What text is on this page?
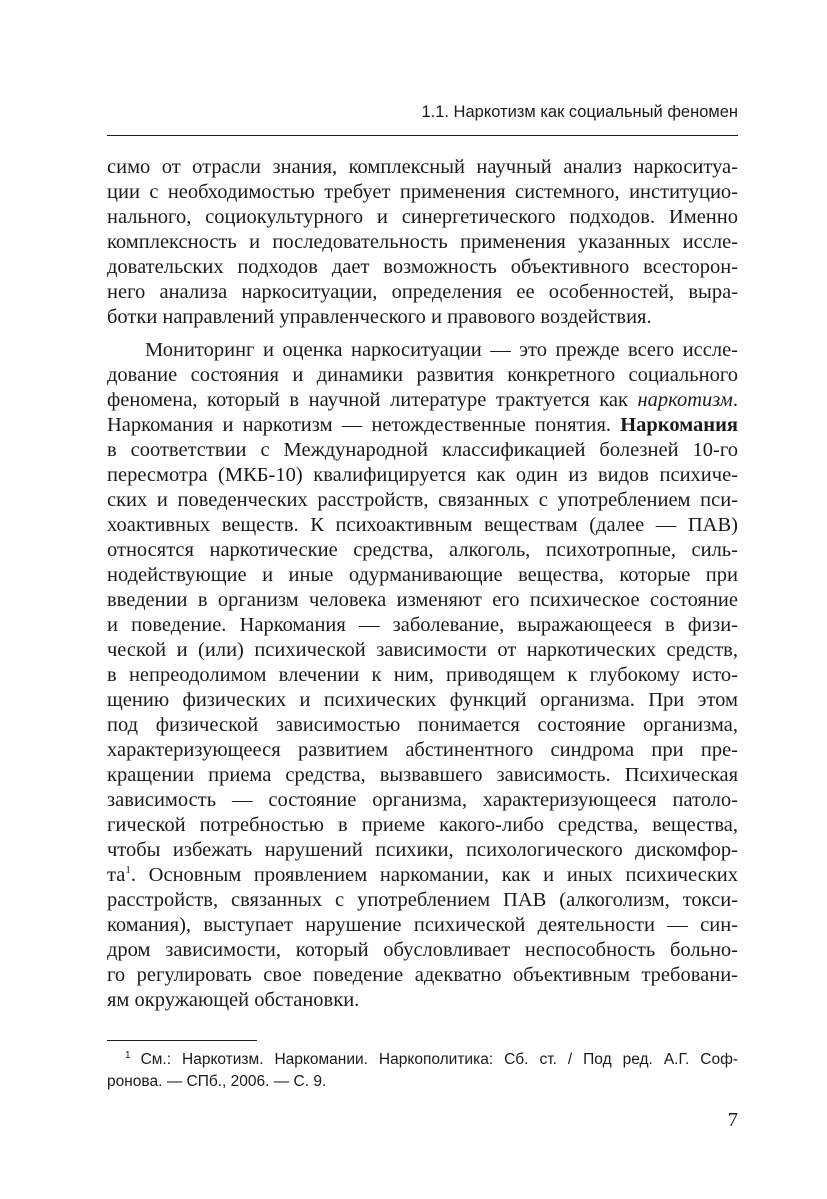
1.1. Наркотизм как социальный феномен
симо от отрасли знания, комплексный научный анализ наркоситуа-
ции с необходимостью требует применения системного, институцио-
нального, социокультурного и синергетического подходов. Именно
комплексность и последовательность применения указанных иссле-
довательских подходов дает возможность объективного всесторон-
него анализа наркоситуации, определения ее особенностей, выра-
ботки направлений управленческого и правового воздействия.
Мониторинг и оценка наркоситуации — это прежде всего иссле-
дование состояния и динамики развития конкретного социального
феномена, который в научной литературе трактуется как наркотизм.
Наркомания и наркотизм — нетождественные понятия. Наркомания
в соответствии с Международной классификацией болезней 10-го
пересмотра (МКБ-10) квалифицируется как один из видов психиче-
ских и поведенческих расстройств, связанных с употреблением пси-
хоактивных веществ. К психоактивным веществам (далее — ПАВ)
относятся наркотические средства, алкоголь, психотропные, силь-
нодействующие и иные одурманивающие вещества, которые при
введении в организм человека изменяют его психическое состояние
и поведение. Наркомания — заболевание, выражающееся в физи-
ческой и (или) психической зависимости от наркотических средств,
в непреодолимом влечении к ним, приводящем к глубокому исто-
щению физических и психических функций организма. При этом
под физической зависимостью понимается состояние организма,
характеризующееся развитием абстинентного синдрома при пре-
кращении приема средства, вызвавшего зависимость. Психическая
зависимость — состояние организма, характеризующееся патоло-
гической потребностью в приеме какого-либо средства, вещества,
чтобы избежать нарушений психики, психологического дискомфор-
$та^1$. Основным проявлением наркомании, как и иных психических
расстройств, связанных с употреблением ПАВ (алкоголизм, токси-
комания), выступает нарушение психической деятельности — син-
дром зависимости, который обусловливает неспособность больно-
го регулировать свое поведение адекватно объективным требовани-
ям окружающей обстановки.
$^1$ См.: Наркотизм. Наркомании. Наркополитика: Сб. ст. / Под ред. А.Г. Соф-
ронова. — СПб., 2006. — С. 9.
7
